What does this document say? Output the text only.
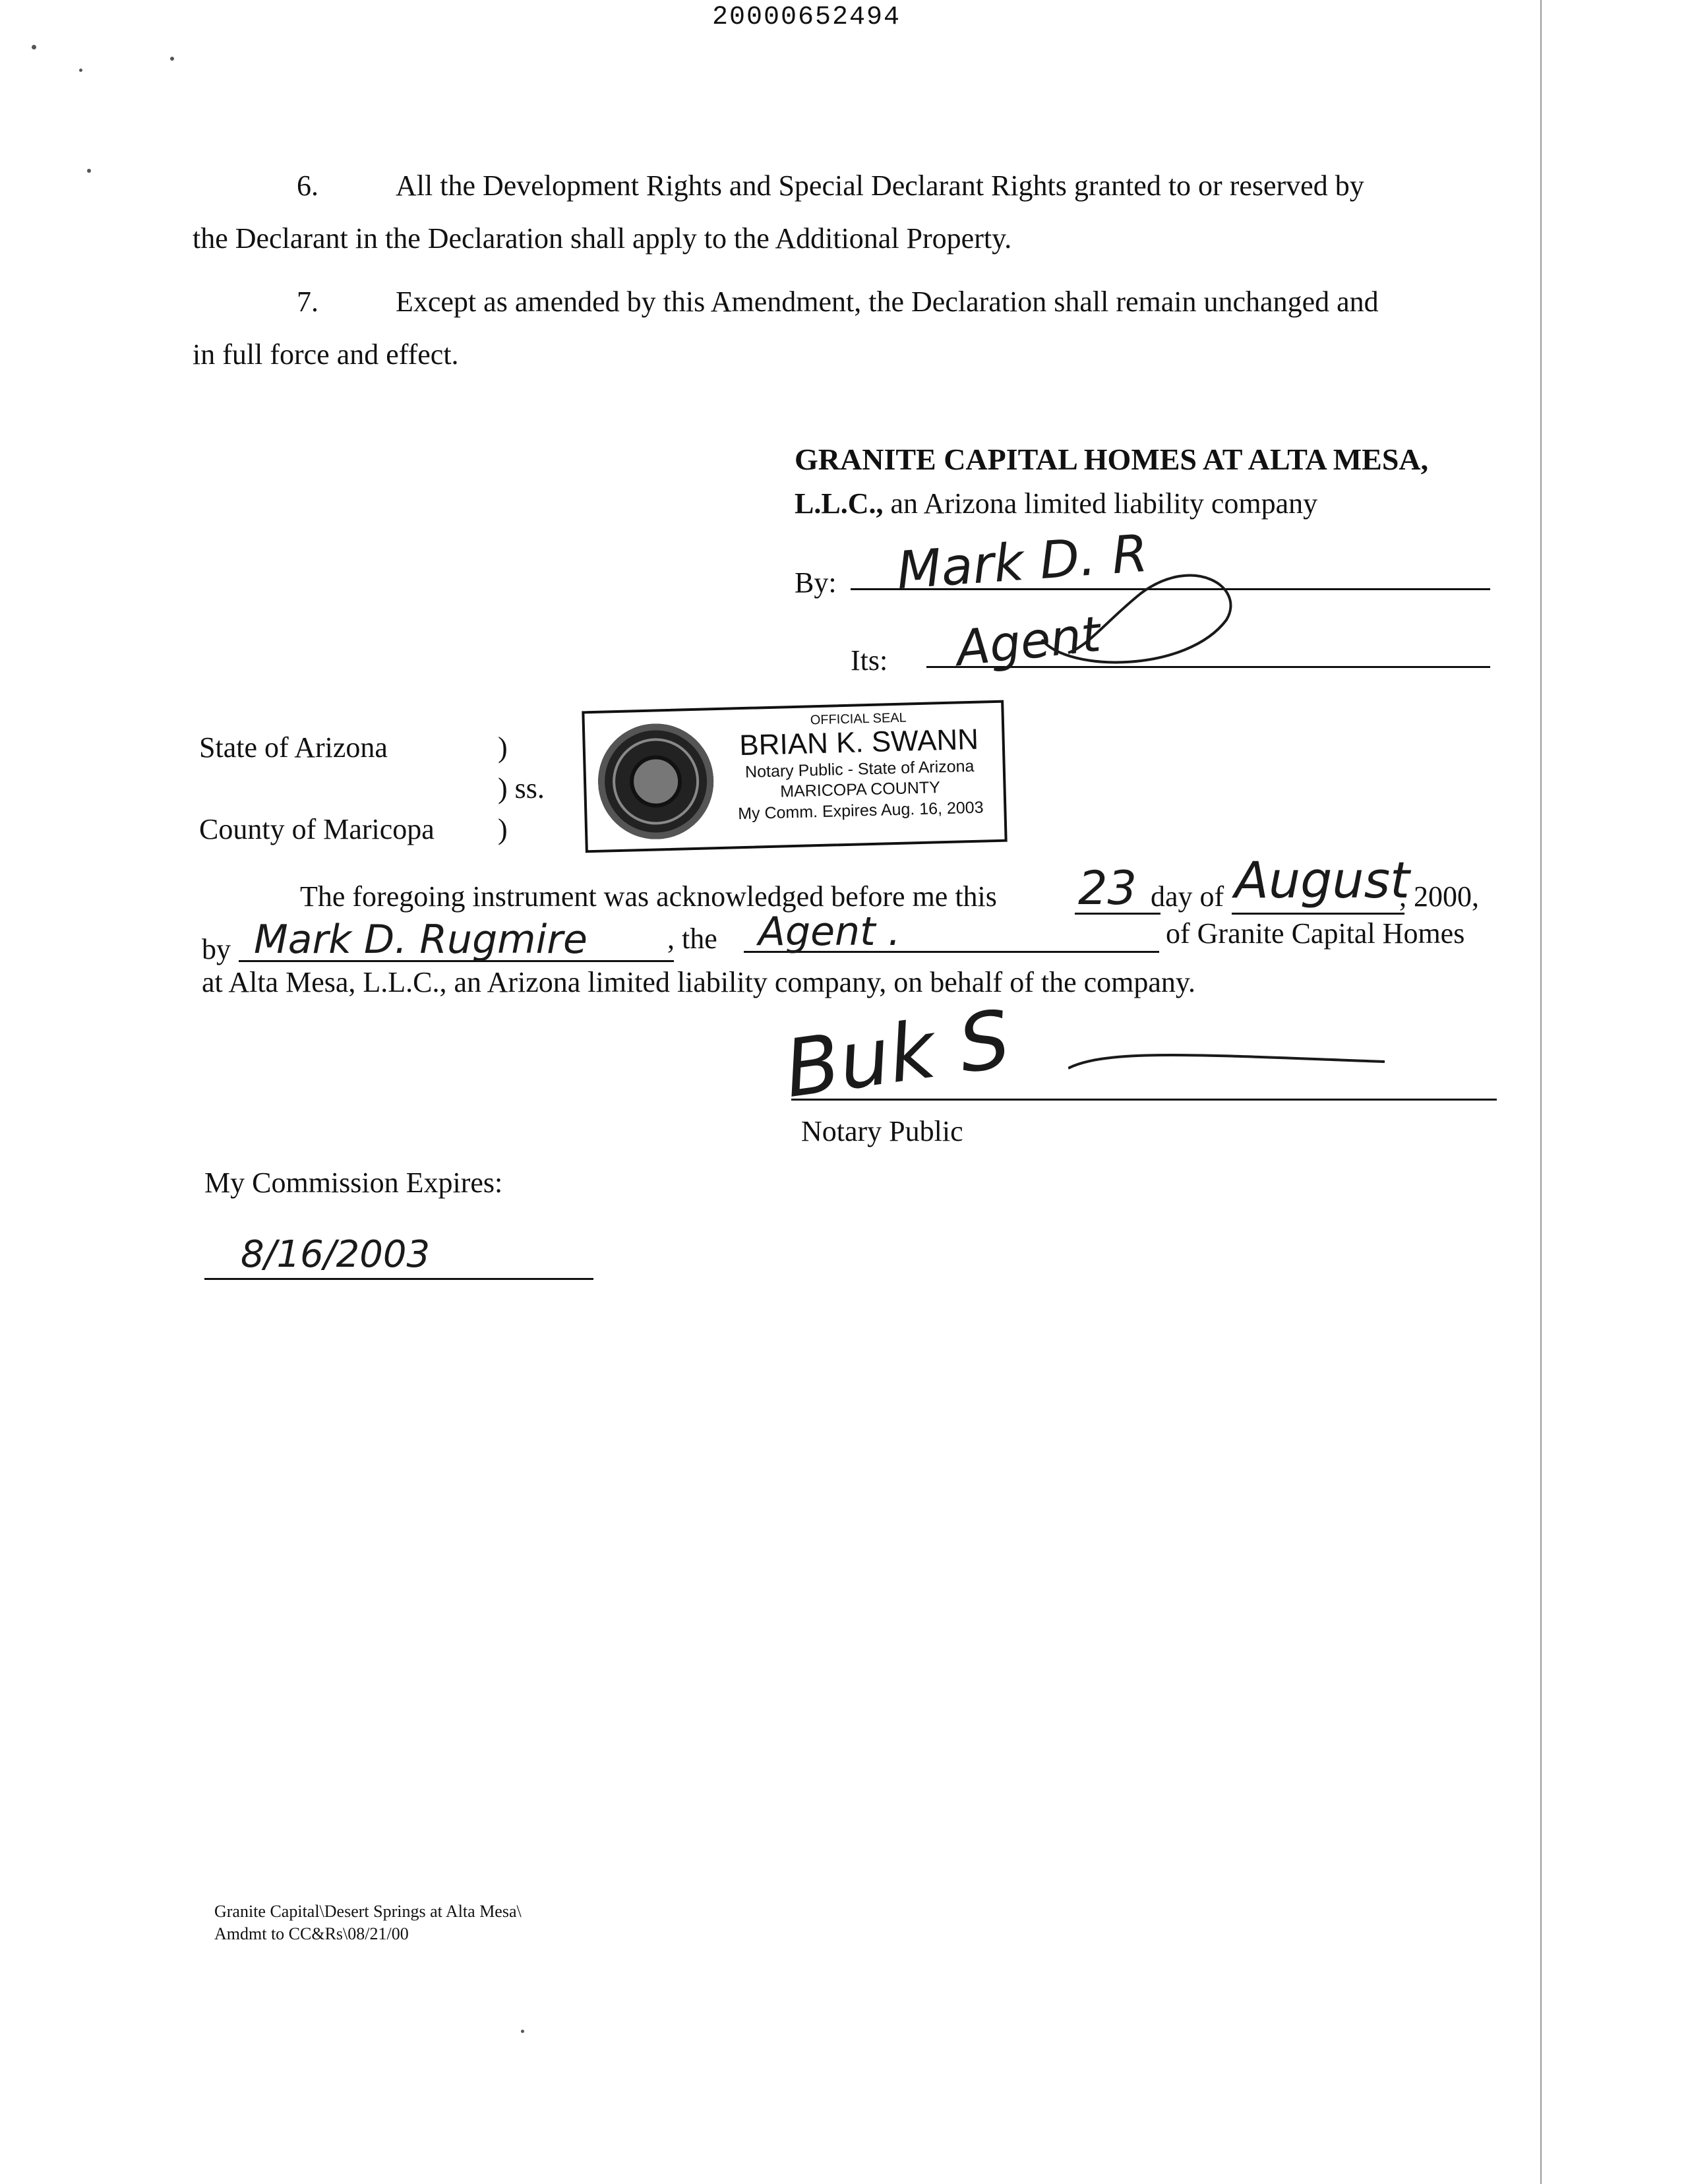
20000652494
6.	All the Development Rights and Special Declarant Rights granted to or reserved by
the Declarant in the Declaration shall apply to the Additional Property.
7.	Except as amended by this Amendment, the Declaration shall remain unchanged and
in full force and effect.
GRANITE CAPITAL HOMES AT ALTA MESA,
L.L.C., an Arizona limited liability company
By: Mark D. R
Its: Agent
State of Arizona	)
) ss.
County of Maricopa )
OFFICIAL SEAL
BRIAN K. SWANN
Notary Public - State of Arizona
MARICOPA COUNTY
My Comm. Expires Aug. 16, 2003
The foregoing instrument was acknowledged before me this 23 day of August
, 2000,
by Mark D. Rugmire	, the Agent .	of Granite Capital Homes
at Alta Mesa, L.L.C., an Arizona limited liability company, on behalf of the company.
Buk S
Notary Public
My Commission Expires:
8/16/2003
Granite Capital\Desert Springs at Alta Mesa\
Amdmt to CC&Rs\08/21/00
